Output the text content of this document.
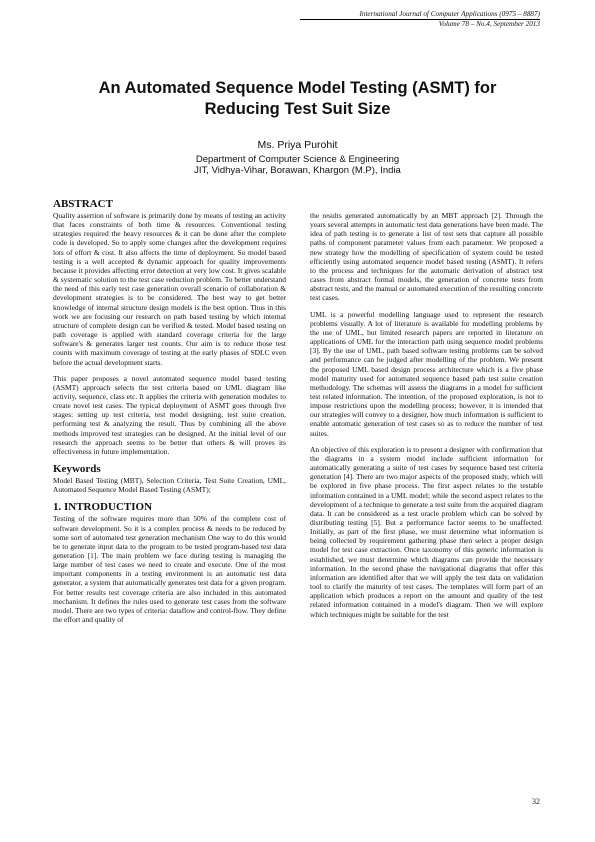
International Journal of Computer Applications (0975 – 8887)
Volume 78 – No.4, September 2013
An Automated Sequence Model Testing (ASMT) for
Reducing Test Suit Size
Ms. Priya Purohit
Department of Computer Science & Engineering
JIT, Vidhya-Vihar, Borawan, Khargon (M.P), India
ABSTRACT

Quality assertion of software is primarily done by means of testing an activity that faces constraints of both time & resources. Conventional testing strategies required the heavy resources & it can be done after the complete code is developed. So to apply some changes after the development requires lots of effort & cost. It also affects the time of deployment. So model based testing is a well accepted & dynamic approach for quality improvements because it provides affecting error detection at very low cost. It gives scalable & systematic solution to the test case reduction problem. To better understand the need of this early test case generation overall scenario of collaboration & development strategies is to be considered. The best way to get better knowledge of internal structure design models is the best option. Thus in this work we are focusing our research on path based testing by which internal structure of complete design can be verified & tested. Model based testing on path coverage is applied with standard coverage criteria for the large software's & generates larger test counts. Our aim is to reduce those test counts with maximum coverage of testing at the early phases of SDLC even before the actual development starts.

This paper proposes a novel automated sequence model based testing (ASMT) approach selects the test criteria based on UML diagram like activity, sequence, class etc. It applies the criteria with generation modules to create novel test cases. The typical deployment of ASMT goes through five stages: setting up test criteria, test model designing, test suite creation, performing test & analyzing the result. Thus by combining all the above methods improved test strategies can be designed. At the initial level of our research the approach seems to be better that others & will proves its effectiveness in future implementation.

Keywords

Model Based Testing (MBT), Selection Criteria, Test Suite Creation, UML, Automated Sequence Model Based Testing (ASMT);

1. INTRODUCTION

Testing of the software requires more than 50% of the complete cost of software development. So it is a complex process & needs to be reduced by some sort of automated test generation mechanism One way to do this would be to generate input data to the program to be tested program-based test data generation [1]. The main problem we face during testing is managing the large number of test cases we need to create and execute. One of the most important components in a testing environment is an automatic test data generator, a system that automatically generates test data for a given program. For better results test coverage criteria are also included in this automated mechanism. It defines the rules used to generate test cases from the software model. There are two types of criteria: dataflow and control-flow. They define the effort and quality of

the results generated automatically by an MBT approach [2]. Through the years several attempts in automatic test data generations have been made. The idea of path testing is to generate a list of test sets that capture all possible paths of component parameter values from each parameter. We proposed a new strategy how the modelling of specification of system could be tested efficiently using automated sequence model based testing (ASMT). It refers to the process and techniques for the automatic derivation of abstract test cases from abstract formal models, the generation of concrete tests from abstract tests, and the manual or automated execution of the resulting concrete test cases.

UML is a powerful modelling language used to represent the research problems visually. A lot of literature is available for modelling problems by the use of UML, but limited research papers are reported in literature on applications of UML for the interaction path using sequence model problems [3]. By the use of UML, path based software testing problems can be solved and performance can be judged after modelling of the problem. We present the proposed UML based design process architecture which is a five phase model maturity used for automated sequence based path test suite creation methodology. The schemas will assess the diagrams in a model for sufficient test related information. The intention, of the proposed exploration, is not to impose restrictions upon the modelling process; however, it is intended that our strategies will convey to a designer, how much information is sufficient to enable automatic generation of test cases so as to reduce the number of test suites.

An objective of this exploration is to present a designer with confirmation that the diagrams in a system model include sufficient information for automatically generating a suite of test cases by sequence based test criteria generation [4]. There are two major aspects of the proposed study, which will be explored in five phase process. The first aspect relates to the testable information contained in a UML model; while the second aspect relates to the development of a technique to generate a test suite from the acquired diagram data. It can be considered as a test oracle problem which can be solved by distributing testing [5]. But a performance factor seems to be unaffected. Initially, as part of the first phase, we must determine what information is being collected by requirement gathering phase then select a proper design model for test case extraction. Once taxonomy of this generic information is established, we must determine which diagrams can provide the necessary information. In the second phase the navigational diagrams that offer this information are identified after that we will apply the test data on validation tool to clarify the maturity of test cases. The templates will form part of an application which produces a report on the amount and quality of the test related information contained in a model's diagram. Then we will explore which techniques might be suitable for the test

32
